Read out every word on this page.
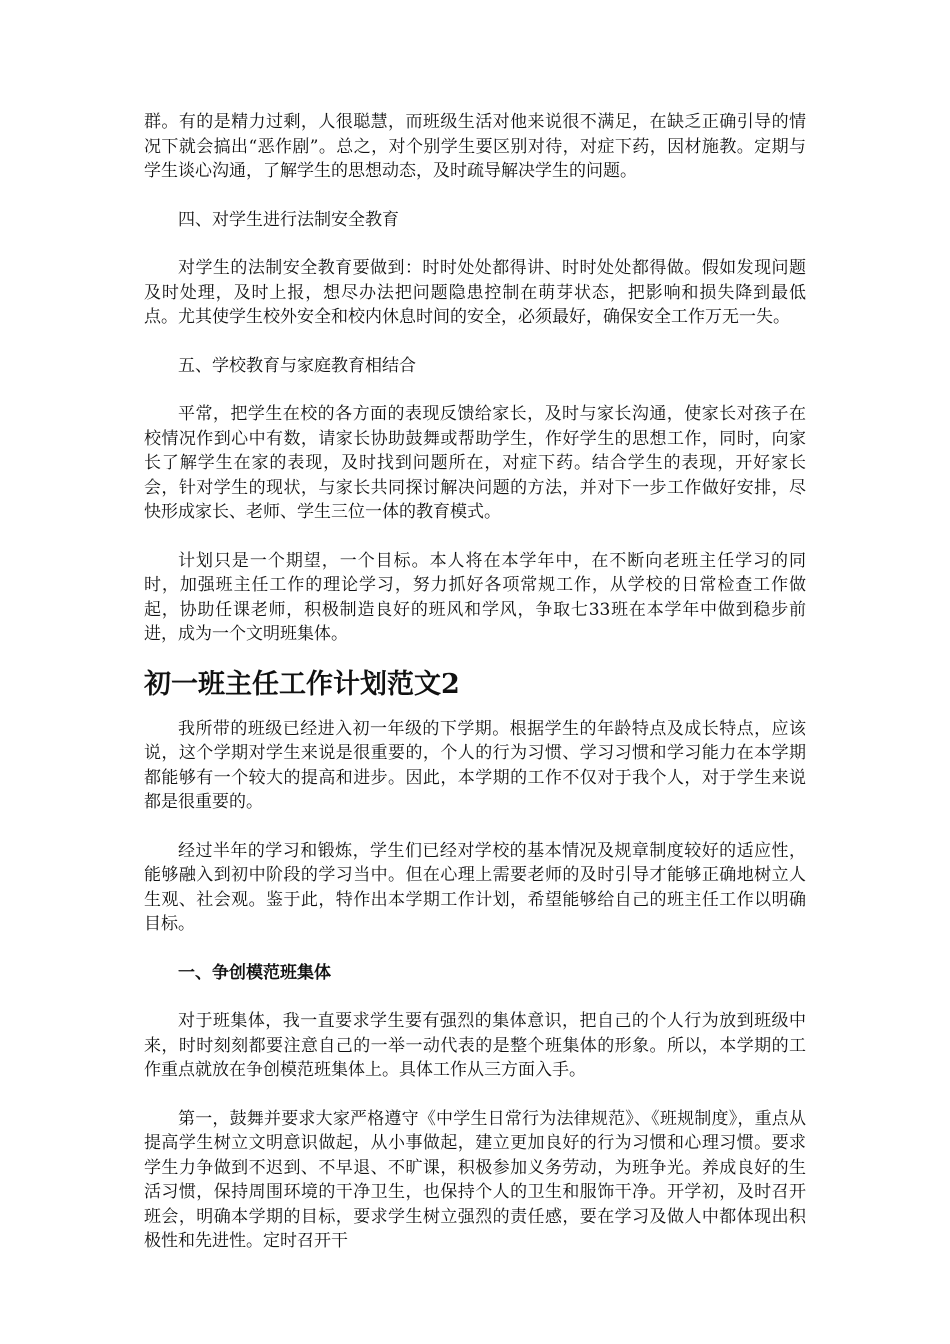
群。有的是精力过剩，人很聪慧，而班级生活对他来说很不满足，在缺乏正确引导的情况下就会搞出“恶作剧”。总之，对个别学生要区别对待，对症下药，因材施教。定期与学生谈心沟通，了解学生的思想动态，及时疏导解决学生的问题。

四、对学生进行法制安全教育

对学生的法制安全教育要做到：时时处处都得讲、时时处处都得做。假如发现问题及时处理，及时上报，想尽办法把问题隐患控制在萌芽状态，把影响和损失降到最低点。尤其使学生校外安全和校内休息时间的安全，必须最好，确保安全工作万无一失。

五、学校教育与家庭教育相结合

平常，把学生在校的各方面的表现反馈给家长，及时与家长沟通，使家长对孩子在校情况作到心中有数，请家长协助鼓舞或帮助学生，作好学生的思想工作，同时，向家长了解学生在家的表现，及时找到问题所在，对症下药。结合学生的表现，开好家长会，针对学生的现状，与家长共同探讨解决问题的方法，并对下一步工作做好安排，尽快形成家长、老师、学生三位一体的教育模式。

计划只是一个期望，一个目标。本人将在本学年中，在不断向老班主任学习的同时，加强班主任工作的理论学习，努力抓好各项常规工作，从学校的日常检查工作做起，协助任课老师，积极制造良好的班风和学风，争取七33班在本学年中做到稳步前进，成为一个文明班集体。

初一班主任工作计划范文2

我所带的班级已经进入初一年级的下学期。根据学生的年龄特点及成长特点，应该说，这个学期对学生来说是很重要的，个人的行为习惯、学习习惯和学习能力在本学期都能够有一个较大的提高和进步。因此，本学期的工作不仅对于我个人，对于学生来说都是很重要的。

经过半年的学习和锻炼，学生们已经对学校的基本情况及规章制度较好的适应性，能够融入到初中阶段的学习当中。但在心理上需要老师的及时引导才能够正确地树立人生观、社会观。鉴于此，特作出本学期工作计划，希望能够给自己的班主任工作以明确目标。

一、争创模范班集体

对于班集体，我一直要求学生要有强烈的集体意识，把自己的个人行为放到班级中来，时时刻刻都要注意自己的一举一动代表的是整个班集体的形象。所以，本学期的工作重点就放在争创模范班集体上。具体工作从三方面入手。

第一，鼓舞并要求大家严格遵守《中学生日常行为法律规范》、《班规制度》，重点从提高学生树立文明意识做起，从小事做起，建立更加良好的行为习惯和心理习惯。要求学生力争做到不迟到、不早退、不旷课，积极参加义务劳动，为班争光。养成良好的生活习惯，保持周围环境的干净卫生，也保持个人的卫生和服饰干净。开学初，及时召开班会，明确本学期的目标，要求学生树立强烈的责任感，要在学习及做人中都体现出积极性和先进性。定时召开干
